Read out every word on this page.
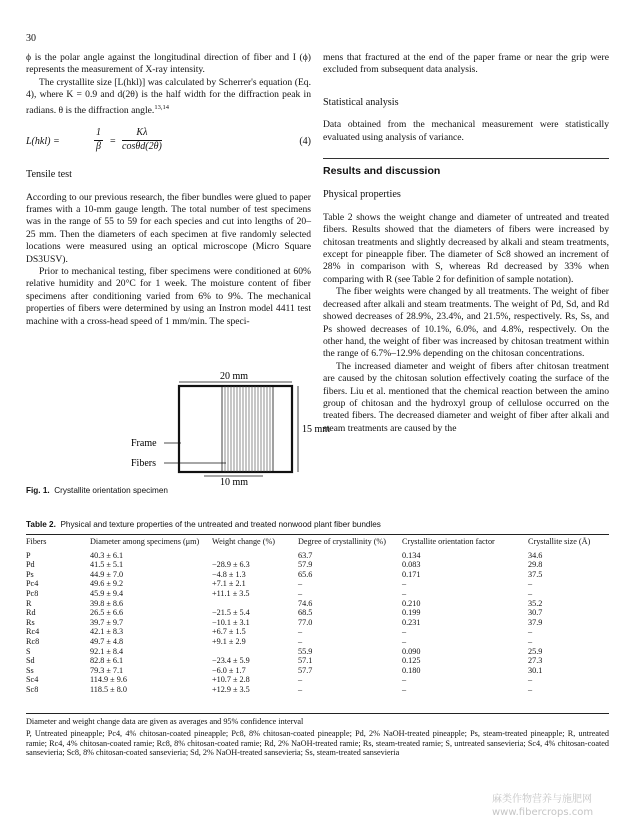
30

ϕ is the polar angle against the longitudinal direction of fiber and I (ϕ) represents the measurement of X-ray intensity.

The crystallite size [L(hkl)] was calculated by Scherrer's equation (Eq. 4), where K = 0.9 and d(2θ) is the half width for the diffraction peak in radians. θ is the diffraction angle.$^{13,14}$

L(hkl) =	$\frac{1}{\beta} = \frac{K\lambda}{\cos\theta d(2\theta)}$	(4)
Tensile test

According to our previous research, the fiber bundles were glued to paper frames with a 10-mm gauge length. The total number of test specimens was in the range of 55 to 59 for each species and cut into lengths of 20–25 mm. Then the diameters of each specimen at five randomly selected locations were measured using an optical microscope (Micro Square DS3USV).

Prior to mechanical testing, fiber specimens were conditioned at 60% relative humidity and 20°C for 1 week. The moisture content of fiber specimens after conditioning varied from 6% to 9%. The mechanical properties of fibers were determined by using an Instron model 4411 test machine with a cross-head speed of 1 mm/min. The speci-

20 mm
15 mm
10 mm
Frame
Fibers
Fig. 1. Crystallite orientation specimen

mens that fractured at the end of the paper frame or near the grip were excluded from subsequent data analysis.

Statistical analysis

Data obtained from the mechanical measurement were statistically evaluated using analysis of variance.

Results and discussion
Physical properties

Table 2 shows the weight change and diameter of untreated and treated fibers. Results showed that the diameters of fibers were increased by chitosan treatments and slightly decreased by alkali and steam treatments, except for pineapple fiber. The diameter of Sc8 showed an increment of 28% in comparison with S, whereas Rd decreased by 33% when comparing with R (see Table 2 for definition of sample notation).

The fiber weights were changed by all treatments. The weight of fiber decreased after alkali and steam treatments. The weight of Pd, Sd, and Rd showed decreases of 28.9%, 23.4%, and 21.5%, respectively. Rs, Ss, and Ps showed decreases of 10.1%, 6.0%, and 4.8%, respectively. On the other hand, the weight of fiber was increased by chitosan treatment within the range of 6.7%–12.9% depending on the chitosan concentrations.

The increased diameter and weight of fibers after chitosan treatment are caused by the chitosan solution effectively coating the surface of the fibers. Liu et al. mentioned that the chemical reaction between the amino group of chitosan and the hydroxyl group of cellulose occurred on the treated fibers. The decreased diameter and weight of fiber after alkali and steam treatments are caused by the

Table 2. Physical and texture properties of the untreated and treated nonwood plant fiber bundles
Fibers	Diameter among specimens (μm)	Weight change (%)	Degree of crystallinity (%)	Crystallite orientation factor	Crystallite size (Å)
P	40.3 ± 6.1		63.7	0.134	34.6
Pd	41.5 ± 5.1	−28.9 ± 6.3	57.9	0.083	29.8
Ps	44.9 ± 7.0	−4.8 ± 1.3	65.6	0.171	37.5
Pc4	49.6 ± 9.2	+7.1 ± 2.1	–	–	–
Pc8	45.9 ± 9.4	+11.1 ± 3.5	–	–	–
R	39.8 ± 8.6		74.6	0.210	35.2
Rd	26.5 ± 6.6	−21.5 ± 5.4	68.5	0.199	30.7
Rs	39.7 ± 9.7	−10.1 ± 3.1	77.0	0.231	37.9
Rc4	42.1 ± 8.3	+6.7 ± 1.5	–	–	–
Rc8	49.7 ± 4.8	+9.1 ± 2.9	–	–	–
S	92.1 ± 8.4		55.9	0.090	25.9
Sd	82.8 ± 6.1	−23.4 ± 5.9	57.1	0.125	27.3
Ss	79.3 ± 7.1	−6.0 ± 1.7	57.7	0.180	30.1
Sc4	114.9 ± 9.6	+10.7 ± 2.8	–	–	–
Sc8	118.5 ± 8.0	+12.9 ± 3.5	–	–	–

Diameter and weight change data are given as averages and 95% confidence interval

P, Untreated pineapple; Pc4, 4% chitosan-coated pineapple; Pc8, 8% chitosan-coated pineapple; Pd, 2% NaOH-treated pineapple; Ps, steam-treated pineapple; R, untreated ramie; Rc4, 4% chitosan-coated ramie; Rc8, 8% chitosan-coated ramie; Rd, 2% NaOH-treated ramie; Rs, steam-treated ramie; S, untreated sansevieria; Sc4, 4% chitosan-coated sansevieria; Sc8, 8% chitosan-coated sansevieria; Sd, 2% NaOH-treated sansevieria; Ss, steam-treated sansevieria

麻类作物营养与施肥网
www.fibercrops.com
